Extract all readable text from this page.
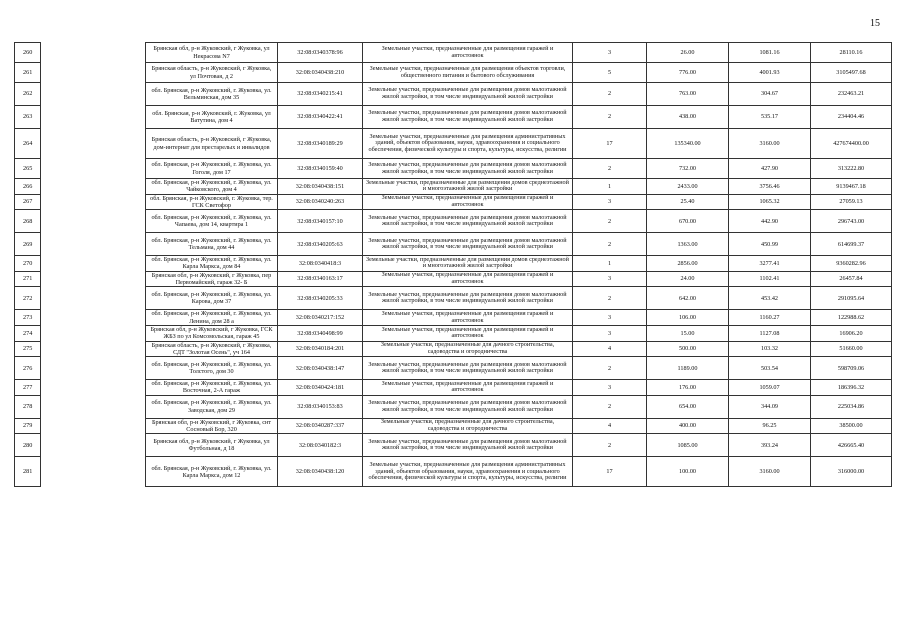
15
260		Брянская обл, р-н Жуковский, г Жуковка, ул Некрасова N7	32:08:0340378:96	Земельные участки, предназначенные для размещения гаражей и автостоянок	3	26.00	1081.16	28110.16
261		Брянская область, р-н Жуковский, г Жуковка, ул Почтовая, д 2	32:08:0340438:210	Земельные участки, предназначенные для размещения объектов торговли, общественного питания и бытового обслуживания	5	776.00	4001.93	3105497.68
262		обл. Брянская, р-н Жуковский, г. Жуковка, ул. Вельминская, дом 35	32:08:0340215:41	Земельные участки, предназначенные для размещения домов малоэтажной жилой застройки, в том числе индивидуальной жилой застройки	2	763.00	304.67	232463.21
263		обл. Брянская, р-н Жуковский, г. Жуковка, ул Ватутина, дом 4	32:08:0340422:41	Земельные участки, предназначенные для размещения домов малоэтажной жилой застройки, в том числе индивидуальной жилой застройки	2	438.00	535.17	234404.46
264		Брянская область, р-н Жуковский, г Жуковка, дом-интернат для престарелых и инвалидов	32:08:0340189:29	Земельные участки, предназначенные для размещения административных зданий, объектов образования, науки, здравоохранения и социального обеспечения, физической культуры и спорта, культуры, искусства, религии	17	135340.00	3160.00	427674400.00
265		обл. Брянская, р-н Жуковский, г. Жуковка, ул. Гоголя, дом 17	32:08:0340159:40	Земельные участки, предназначенные для размещения домов малоэтажной жилой застройки, в том числе индивидуальной жилой застройки	2	732.00	427.90	313222.80
266		обл. Брянская, р-н Жуковский, г. Жуковка, ул. Чайковского, дом 4	32:08:0340438:151	Земельные участки, предназначенные для размещения домов среднеэтажной и многоэтажной жилой застройки	1	2433.00	3756.46	9139467.18
267		обл. Брянская, р-н Жуковский, г. Жуковка, тер. ГСК Светофор	32:08:0340240:263	Земельные участки, предназначенные для размещения гаражей и автостоянок	3	25.40	1065.32	27059.13
268		обл. Брянская, р-н Жуковский, г. Жуковка, ул. Чапаева, дом 14, квартира 1	32:08:0340157:10	Земельные участки, предназначенные для размещения домов малоэтажной жилой застройки, в том числе индивидуальной жилой застройки	2	670.00	442.90	296743.00
269		обл. Брянская, р-н Жуковский, г. Жуковка, ул. Тельмана, дом 44	32:08:0340205:63	Земельные участки, предназначенные для размещения домов малоэтажной жилой застройки, в том числе индивидуальной жилой застройки	2	1363.00	450.99	614699.37
270		обл. Брянская, р-н Жуковский, г. Жуковка, ул. Карла Маркса, дом 84	32:08:0340418:3	Земельные участки, предназначенные для размещения домов среднеэтажной и многоэтажной жилой застройки	1	2856.00	3277.41	9360282.96
271		Брянская обл, р-н Жуковский, г Жуковка, пер Первомайский, гараж 32- Б	32:08:0340163:17	Земельные участки, предназначенные для размещения гаражей и автостоянок	3	24.00	1102.41	26457.84
272		обл. Брянская, р-н Жуковский, г. Жуковка, ул. Карова, дом 37	32:08:0340205:33	Земельные участки, предназначенные для размещения домов малоэтажной жилой застройки, в том числе индивидуальной жилой застройки	2	642.00	453.42	291095.64
273		обл. Брянская, р-н Жуковский, г. Жуковка, ул. Ленина, дом 28 а	32:08:0340217:152	Земельные участки, предназначенные для размещения гаражей и автостоянок	3	106.00	1160.27	122988.62
274		Брянская обл, р-н Жуковский, г Жуковка, ГСК ЖБЗ по ул Комсомольская, гараж 45	32:08:0340498:99	Земельные участки, предназначенные для размещения гаражей и автостоянок	3	15.00	1127.08	16906.20
275		Брянская область, р-н Жуковский, г Жуковка, СДТ "Золотая Осень", уч 164	32:08:0340184:201	Земельные участки, предназначенные для дачного строительства, садоводства и огородничества	4	500.00	103.32	51660.00
276		обл. Брянская, р-н Жуковский, г. Жуковка, ул. Толстого, дом 30	32:08:0340438:147	Земельные участки, предназначенные для размещения домов малоэтажной жилой застройки, в том числе индивидуальной жилой застройки	2	1189.00	503.54	598709.06
277		обл. Брянская, р-н Жуковский, г. Жуковка, ул. Восточная, 2-А гараж	32:08:0340424:181	Земельные участки, предназначенные для размещения гаражей и автостоянок	3	176.00	1059.07	186396.32
278		обл. Брянская, р-н Жуковский, г. Жуковка, ул. Заводская, дом 29	32:08:0340153:83	Земельные участки, предназначенные для размещения домов малоэтажной жилой застройки, в том числе индивидуальной жилой застройки	2	654.00	344.09	225034.86
279		Брянская обл, р-н Жуковский, г Жуковка, снт Сосновый Бор, 320	32:08:0340287:337	Земельные участки, предназначенные для дачного строительства, садоводства и огородничества	4	400.00	96.25	38500.00
280		Брянская обл, р-н Жуковский, г Жуковка, ул Футбольная, д 18	32:08:0340182:3	Земельные участки, предназначенные для размещения домов малоэтажной жилой застройки, в том числе индивидуальной жилой застройки	2	1085.00	393.24	426665.40
281		обл. Брянская, р-н Жуковский, г. Жуковка, ул. Карла Маркса, дом 12	32:08:0340438:120	Земельные участки, предназначенные для размещения административных зданий, объектов образования, науки, здравоохранения и социального обеспечения, физической культуры и спорта, культуры, искусства, религии	17	100.00	3160.00	316000.00
